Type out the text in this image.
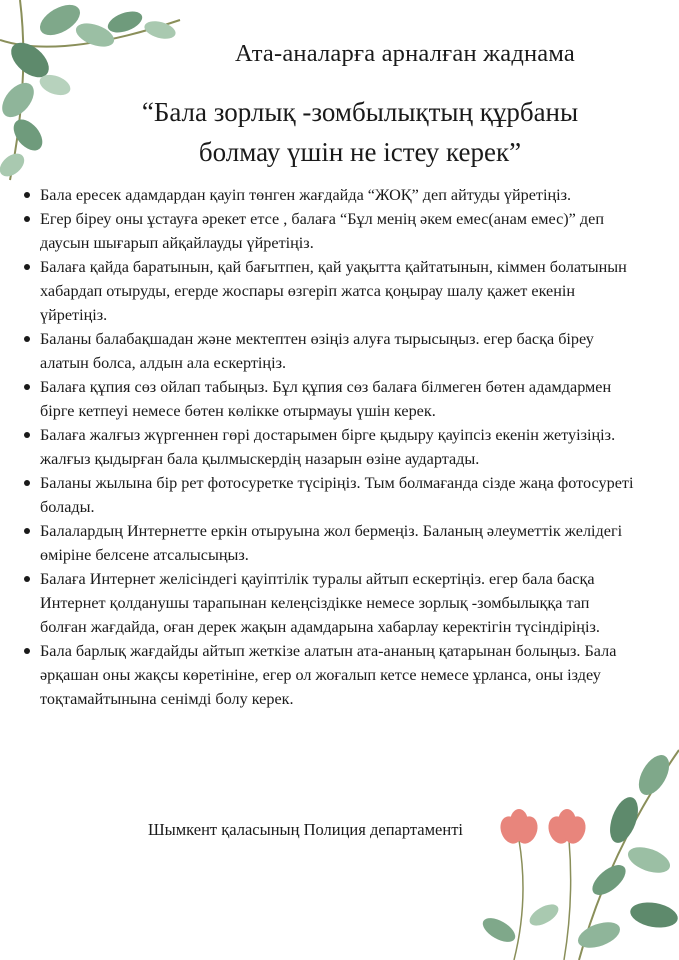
Ата-аналарға арналған жаднама
“Бала зорлық -зомбылықтың құрбаны
болмау үшін не істеу керек”
Бала ересек адамдардан қауіп төнген жағдайда “ЖОҚ” деп айтуды үйретіңіз.
Егер біреу оны ұстауға әрекет етсе , балаға “Бұл менің әкем емес(анам емес)” деп даусын шығарып айқайлауды үйретіңіз.
Балаға қайда баратынын, қай бағытпен, қай уақытта қайтатынын, кіммен болатынын хабардап отыруды, егерде жоспары өзгеріп жатса қоңырау шалу қажет екенін үйретіңіз.
Баланы балабақшадан және мектептен өзіңіз алуға тырысыңыз. егер басқа біреу алатын болса, алдын ала ескертіңіз.
Балаға құпия сөз ойлап табыңыз. Бұл құпия сөз балаға білмеген бөтен адамдармен бірге кетпеуі немесе бөтен көлікке отырмауы үшін керек.
Балаға жалғыз жүргеннен гөрі достарымен бірге қыдыру қауіпсіз екенін жетуізіңіз. жалғыз қыдырған бала қылмыскердің назарын өзіне аудартады.
Баланы жылына бір рет фотосуретке түсіріңіз. Тым болмағанда сізде жаңа фотосуреті болады.
Балалардың Интернетте еркін отыруына жол бермеңіз. Баланың әлеуметтік желідегі өміріне белсене атсалысыңыз.
Балаға Интернет желісіндегі қауіптілік туралы айтып ескертіңіз. егер бала басқа Интернет қолданушы тарапынан келеңсіздікке немесе зорлық -зомбылыққа тап болған жағдайда, оған дерек жақын адамдарына хабарлау керектігін түсіндіріңіз.
Бала барлық жағдайды айтып жеткізе алатын ата-ананың қатарынан болыңыз. Бала әрқашан оны жақсы көретініне, егер ол жоғалып кетсе немесе ұрланса, оны іздеу тоқтамайтынына сенімді болу керек.
Шымкент қаласының Полиция департаменті
